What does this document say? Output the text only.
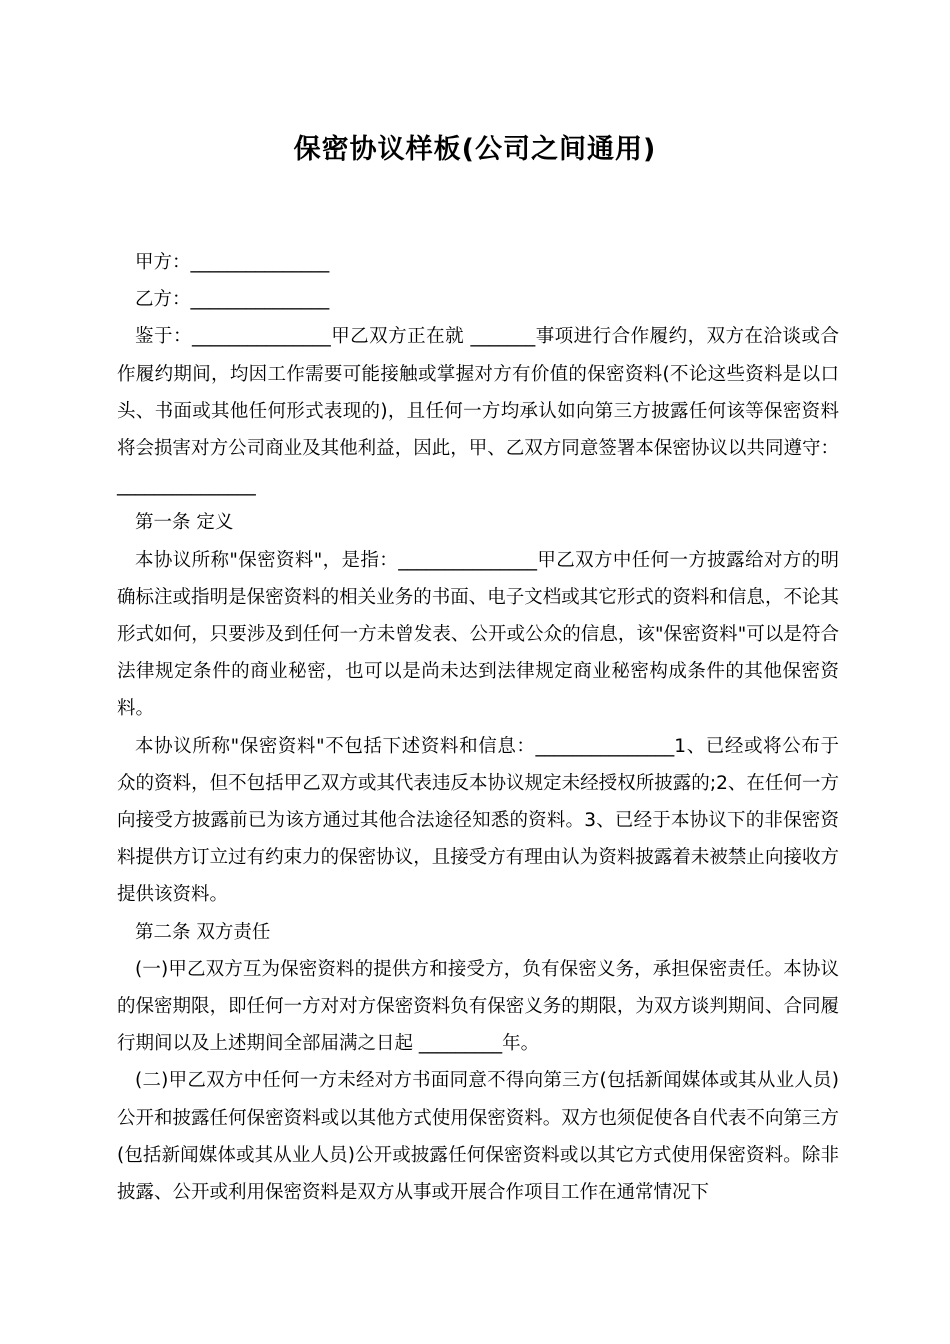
保密协议样板(公司之间通用)

甲方：_______________

乙方：_______________

鉴于：_______________甲乙双方正在就 _______事项进行合作履约，双方在洽谈或合作履约期间，均因工作需要可能接触或掌握对方有价值的保密资料(不论这些资料是以口头、书面或其他任何形式表现的)，且任何一方均承认如向第三方披露任何该等保密资料将会损害对方公司商业及其他利益，因此，甲、乙双方同意签署本保密协议以共同遵守：_______________

第一条 定义

本协议所称"保密资料"，是指：_______________甲乙双方中任何一方披露给对方的明确标注或指明是保密资料的相关业务的书面、电子文档或其它形式的资料和信息，不论其形式如何，只要涉及到任何一方未曾发表、公开或公众的信息，该"保密资料"可以是符合法律规定条件的商业秘密，也可以是尚未达到法律规定商业秘密构成条件的其他保密资料。

本协议所称"保密资料"不包括下述资料和信息：_______________1、已经或将公布于众的资料，但不包括甲乙双方或其代表违反本协议规定未经授权所披露的;2、在任何一方向接受方披露前已为该方通过其他合法途径知悉的资料。3、已经于本协议下的非保密资料提供方订立过有约束力的保密协议，且接受方有理由认为资料披露着未被禁止向接收方提供该资料。

第二条 双方责任

(一)甲乙双方互为保密资料的提供方和接受方，负有保密义务，承担保密责任。本协议的保密期限，即任何一方对对方保密资料负有保密义务的期限，为双方谈判期间、合同履行期间以及上述期间全部届满之日起 _________年。

(二)甲乙双方中任何一方未经对方书面同意不得向第三方(包括新闻媒体或其从业人员)公开和披露任何保密资料或以其他方式使用保密资料。双方也须促使各自代表不向第三方(包括新闻媒体或其从业人员)公开或披露任何保密资料或以其它方式使用保密资料。除非披露、公开或利用保密资料是双方从事或开展合作项目工作在通常情况下
